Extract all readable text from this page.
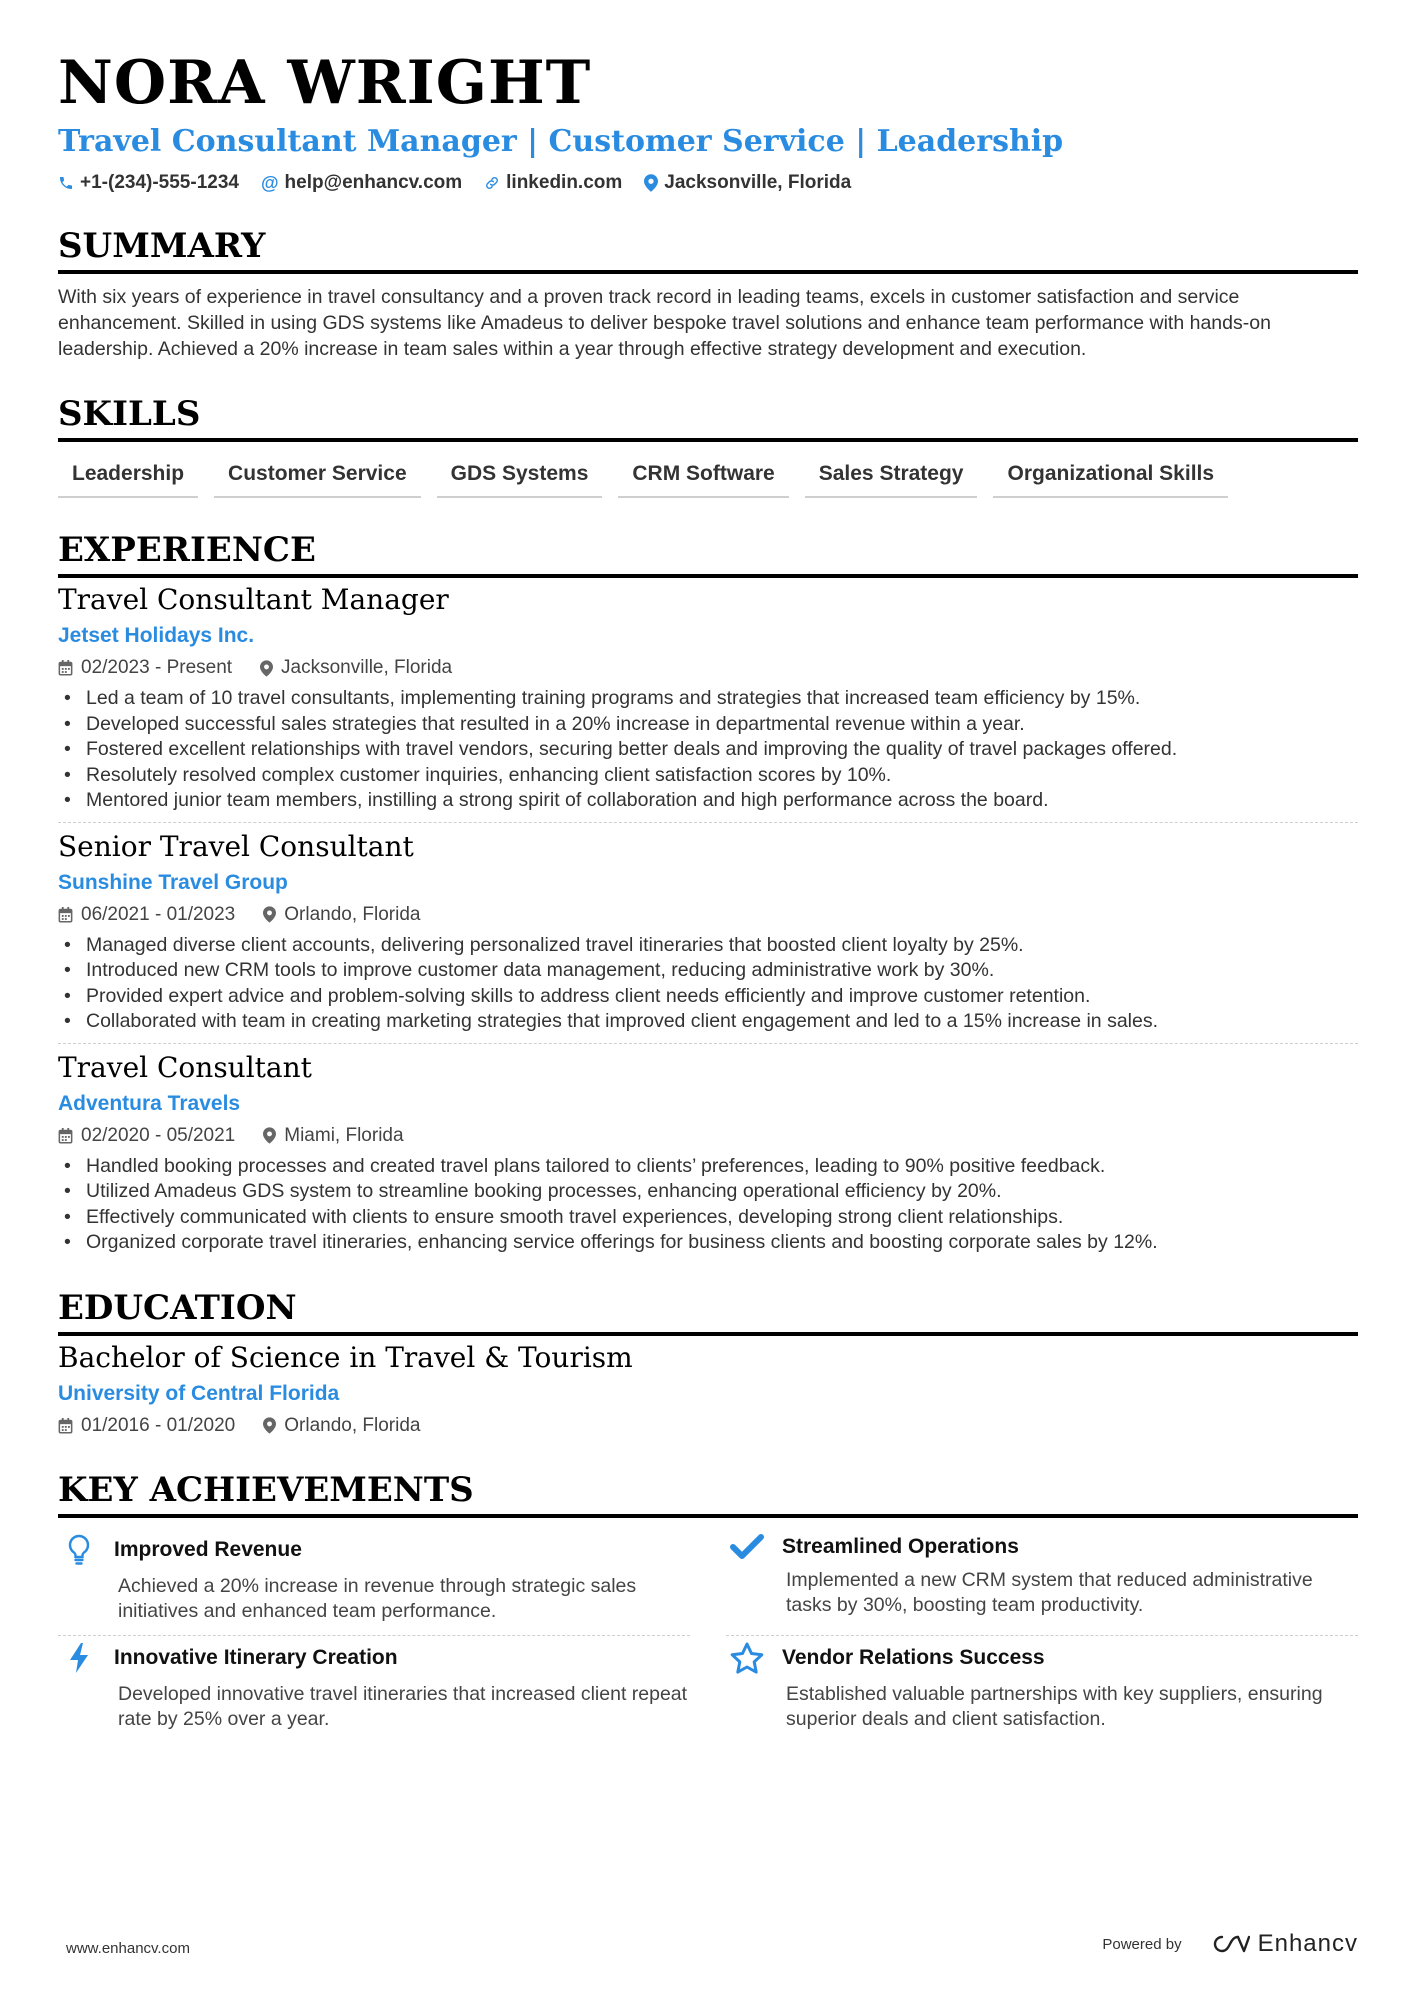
NORA WRIGHT
Travel Consultant Manager | Customer Service | Leadership
+1-(234)-555-1234 @ help@enhancv.com linkedin.com Jacksonville, Florida
SUMMARY
With six years of experience in travel consultancy and a proven track record in leading teams, excels in customer satisfaction and service enhancement. Skilled in using GDS systems like Amadeus to deliver bespoke travel solutions and enhance team performance with hands-on leadership. Achieved a 20% increase in team sales within a year through effective strategy development and execution.
SKILLS
Leadership	Customer Service	GDS Systems	CRM Software	Sales Strategy	Organizational Skills
EXPERIENCE
Travel Consultant Manager
Jetset Holidays Inc.
02/2023 - Present	Jacksonville, Florida
• Led a team of 10 travel consultants, implementing training programs and strategies that increased team efficiency by 15%.
• Developed successful sales strategies that resulted in a 20% increase in departmental revenue within a year.
• Fostered excellent relationships with travel vendors, securing better deals and improving the quality of travel packages offered.
• Resolutely resolved complex customer inquiries, enhancing client satisfaction scores by 10%.
• Mentored junior team members, instilling a strong spirit of collaboration and high performance across the board.
Senior Travel Consultant
Sunshine Travel Group
06/2021 - 01/2023	Orlando, Florida
• Managed diverse client accounts, delivering personalized travel itineraries that boosted client loyalty by 25%.
• Introduced new CRM tools to improve customer data management, reducing administrative work by 30%.
• Provided expert advice and problem-solving skills to address client needs efficiently and improve customer retention.
• Collaborated with team in creating marketing strategies that improved client engagement and led to a 15% increase in sales.
Travel Consultant
Adventura Travels
02/2020 - 05/2021	Miami, Florida
• Handled booking processes and created travel plans tailored to clients’ preferences, leading to 90% positive feedback.
• Utilized Amadeus GDS system to streamline booking processes, enhancing operational efficiency by 20%.
• Effectively communicated with clients to ensure smooth travel experiences, developing strong client relationships.
• Organized corporate travel itineraries, enhancing service offerings for business clients and boosting corporate sales by 12%.
EDUCATION
Bachelor of Science in Travel & Tourism
University of Central Florida
01/2016 - 01/2020	Orlando, Florida
KEY ACHIEVEMENTS
Improved Revenue
Achieved a 20% increase in revenue through strategic sales initiatives and enhanced team performance.
Streamlined Operations
Implemented a new CRM system that reduced administrative tasks by 30%, boosting team productivity.
Innovative Itinerary Creation
Developed innovative travel itineraries that increased client repeat rate by 25% over a year.
Vendor Relations Success
Established valuable partnerships with key suppliers, ensuring superior deals and client satisfaction.
www.enhancv.com	Powered by	Enhancv
